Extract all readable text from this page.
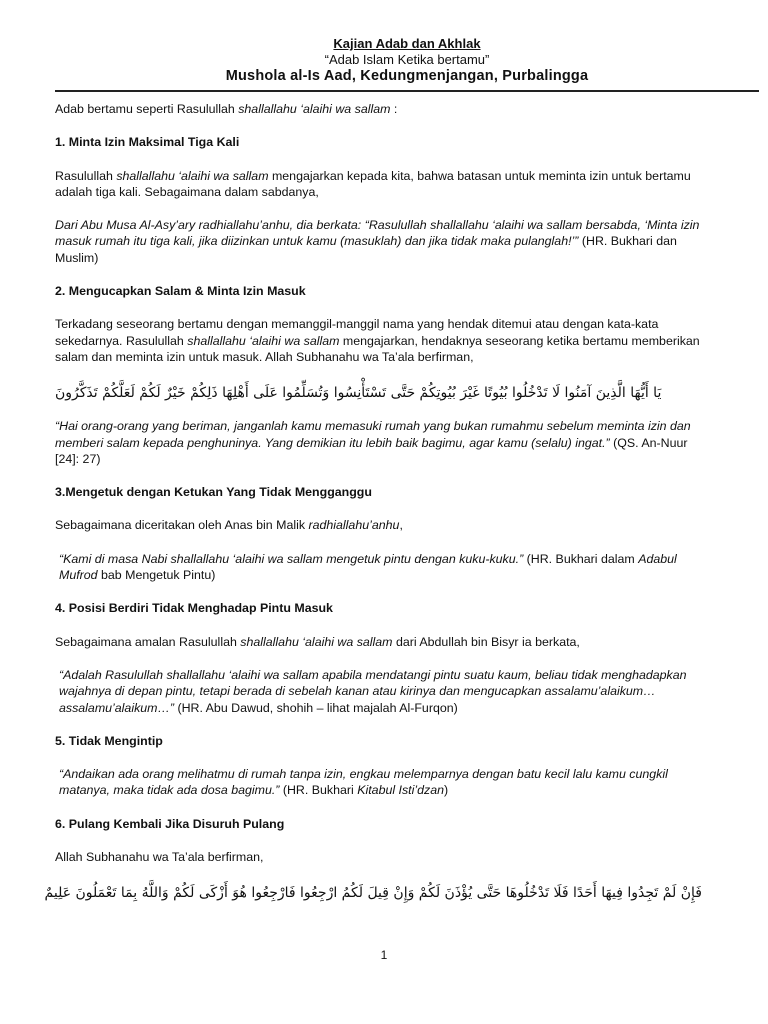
Kajian Adab dan Akhlak
“Adab Islam Ketika bertamu”
Mushola al-Is Aad, Kedungmenjangan, Purbalingga

Adab bertamu seperti Rasulullah shallallahu ‘alaihi wa sallam :

1. Minta Izin Maksimal Tiga Kali

Rasulullah shallallahu ‘alaihi wa sallam mengajarkan kepada kita, bahwa batasan untuk meminta izin untuk bertamu adalah tiga kali. Sebagaimana dalam sabdanya,

Dari Abu Musa Al-Asy’ary radhiallahu’anhu, dia berkata: “Rasulullah shallallahu ‘alaihi wa sallam bersabda, ‘Minta izin masuk rumah itu tiga kali, jika diizinkan untuk kamu (masuklah) dan jika tidak maka pulanglah!’” (HR. Bukhari dan Muslim)

2. Mengucapkan Salam & Minta Izin Masuk

Terkadang seseorang bertamu dengan memanggil-manggil nama yang hendak ditemui atau dengan kata-kata sekedarnya. Rasulullah shallallahu ‘alaihi wa sallam mengajarkan, hendaknya seseorang ketika bertamu memberikan salam dan meminta izin untuk masuk. Allah Subhanahu wa Ta’ala berfirman,

يَا أَيُّهَا الَّذِينَ آمَنُوا لَا تَدْخُلُوا بُيُوتًا غَيْرَ بُيُوتِكُمْ حَتَّى تَسْتَأْنِسُوا وَتُسَلِّمُوا عَلَى أَهْلِهَا ذَلِكُمْ خَيْرٌ لَكُمْ لَعَلَّكُمْ تَذَكَّرُونَ

“Hai orang-orang yang beriman, janganlah kamu memasuki rumah yang bukan rumahmu sebelum meminta izin dan memberi salam kepada penghuninya. Yang demikian itu lebih baik bagimu, agar kamu (selalu) ingat.” (QS. An-Nuur [24]: 27)

3.Mengetuk dengan Ketukan Yang Tidak Mengganggu

Sebagaimana diceritakan oleh Anas bin Malik radhiallahu’anhu,

“Kami di masa Nabi shallallahu ‘alaihi wa sallam mengetuk pintu dengan kuku-kuku.” (HR. Bukhari dalam Adabul Mufrod bab Mengetuk Pintu)

4. Posisi Berdiri Tidak Menghadap Pintu Masuk

Sebagaimana amalan Rasulullah shallallahu ‘alaihi wa sallam dari Abdullah bin Bisyr ia berkata,

“Adalah Rasulullah shallallahu ‘alaihi wa sallam apabila mendatangi pintu suatu kaum, beliau tidak menghadapkan wajahnya di depan pintu, tetapi berada di sebelah kanan atau kirinya dan mengucapkan assalamu’alaikum… assalamu’alaikum…” (HR. Abu Dawud, shohih – lihat majalah Al-Furqon)

5. Tidak Mengintip

“Andaikan ada orang melihatmu di rumah tanpa izin, engkau melemparnya dengan batu kecil lalu kamu cungkil matanya, maka tidak ada dosa bagimu.” (HR. Bukhari Kitabul Isti’dzan)

6. Pulang Kembali Jika Disuruh Pulang

Allah Subhanahu wa Ta’ala berfirman,

فَإِنْ لَمْ تَجِدُوا فِيهَا أَحَدًا فَلَا تَدْخُلُوهَا حَتَّى يُؤْذَنَ لَكُمْ وَإِنْ قِيلَ لَكُمُ ارْجِعُوا فَارْجِعُوا هُوَ أَزْكَى لَكُمْ وَاللَّهُ بِمَا تَعْمَلُونَ عَلِيمٌ
1
